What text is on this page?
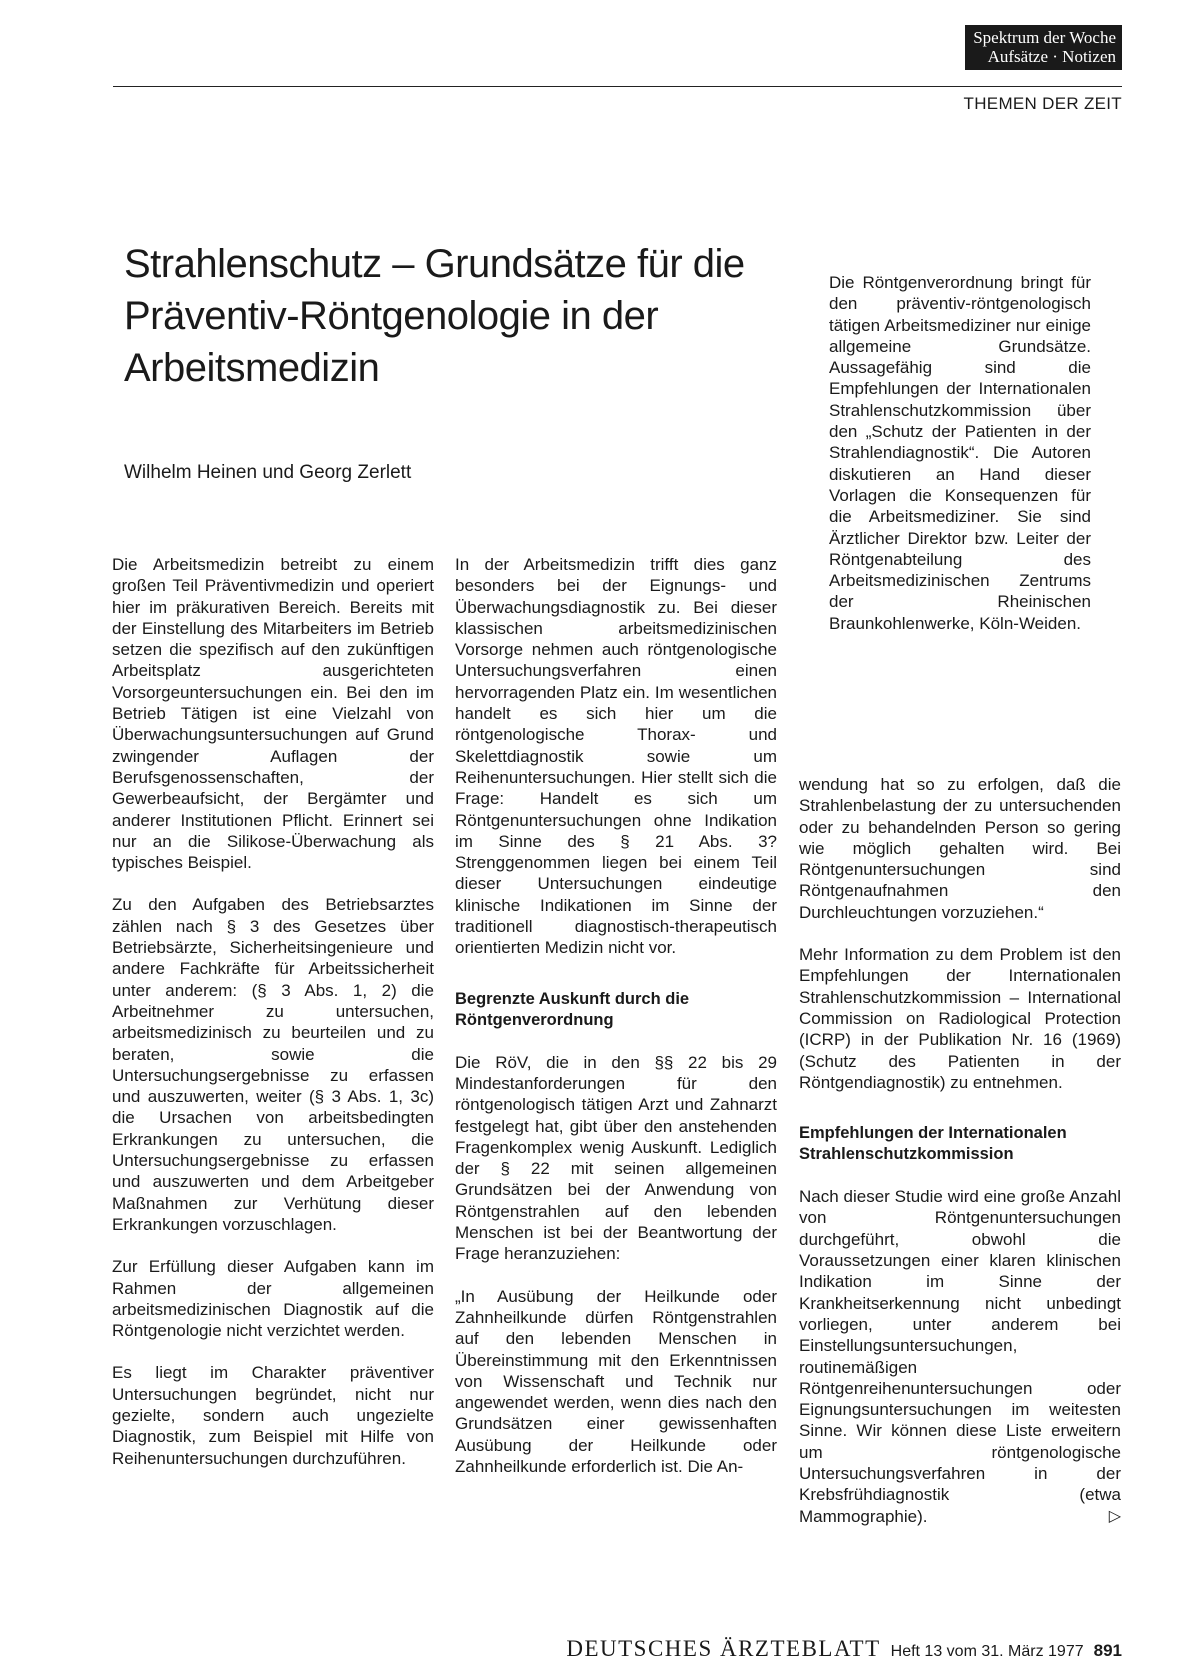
Spektrum der Woche
Aufsätze · Notizen
THEMEN DER ZEIT
Strahlenschutz – Grundsätze für die Präventiv-Röntgenologie in der Arbeitsmedizin
Wilhelm Heinen und Georg Zerlett
Die Röntgenverordnung bringt für den präventiv-röntgenologisch tätigen Arbeitsmediziner nur einige allgemeine Grundsätze. Aussagefähig sind die Empfehlungen der Internationalen Strahlenschutzkommission über den „Schutz der Patienten in der Strahlendiagnostik“. Die Autoren diskutieren an Hand dieser Vorlagen die Konsequenzen für die Arbeitsmediziner. Sie sind Ärztlicher Direktor bzw. Leiter der Röntgenabteilung des Arbeitsmedizinischen Zentrums der Rheinischen Braunkohlenwerke, Köln-Weiden.

Die Arbeitsmedizin betreibt zu einem großen Teil Präventivmedizin und operiert hier im präkurativen Bereich. Bereits mit der Einstellung des Mitarbeiters im Betrieb setzen die spezifisch auf den zukünftigen Arbeitsplatz ausgerichteten Vorsorgeuntersuchungen ein. Bei den im Betrieb Tätigen ist eine Vielzahl von Überwachungsuntersuchungen auf Grund zwingender Auflagen der Berufsgenossenschaften, der Gewerbeaufsicht, der Bergämter und anderer Institutionen Pflicht. Erinnert sei nur an die Silikose-Überwachung als typisches Beispiel.

Zu den Aufgaben des Betriebsarztes zählen nach § 3 des Gesetzes über Betriebsärzte, Sicherheitsingenieure und andere Fachkräfte für Arbeitssicherheit unter anderem: (§ 3 Abs. 1, 2) die Arbeitnehmer zu untersuchen, arbeitsmedizinisch zu beurteilen und zu beraten, sowie die Untersuchungsergebnisse zu erfassen und auszuwerten, weiter (§ 3 Abs. 1, 3c) die Ursachen von arbeitsbedingten Erkrankungen zu untersuchen, die Untersuchungsergebnisse zu erfassen und auszuwerten und dem Arbeitgeber Maßnahmen zur Verhütung dieser Erkrankungen vorzuschlagen.

Zur Erfüllung dieser Aufgaben kann im Rahmen der allgemeinen arbeitsmedizinischen Diagnostik auf die Röntgenologie nicht verzichtet werden.

Es liegt im Charakter präventiver Untersuchungen begründet, nicht nur gezielte, sondern auch ungezielte Diagnostik, zum Beispiel mit Hilfe von Reihenuntersuchungen durchzuführen.

In der Arbeitsmedizin trifft dies ganz besonders bei der Eignungs- und Überwachungsdiagnostik zu. Bei dieser klassischen arbeitsmedizinischen Vorsorge nehmen auch röntgenologische Untersuchungsverfahren einen hervorragenden Platz ein. Im wesentlichen handelt es sich hier um die röntgenologische Thorax- und Skelettdiagnostik sowie um Reihenuntersuchungen. Hier stellt sich die Frage: Handelt es sich um Röntgenuntersuchungen ohne Indikation im Sinne des § 21 Abs. 3? Strenggenommen liegen bei einem Teil dieser Untersuchungen eindeutige klinische Indikationen im Sinne der traditionell diagnostisch-therapeutisch orientierten Medizin nicht vor.

Begrenzte Auskunft durch die Röntgenverordnung

Die RöV, die in den §§ 22 bis 29 Mindestanforderungen für den röntgenologisch tätigen Arzt und Zahnarzt festgelegt hat, gibt über den anstehenden Fragenkomplex wenig Auskunft. Lediglich der § 22 mit seinen allgemeinen Grundsätzen bei der Anwendung von Röntgenstrahlen auf den lebenden Menschen ist bei der Beantwortung der Frage heranzuziehen:

„In Ausübung der Heilkunde oder Zahnheilkunde dürfen Röntgenstrahlen auf den lebenden Menschen in Übereinstimmung mit den Erkenntnissen von Wissenschaft und Technik nur angewendet werden, wenn dies nach den Grundsätzen einer gewissenhaften Ausübung der Heilkunde oder Zahnheilkunde erforderlich ist. Die An-

wendung hat so zu erfolgen, daß die Strahlenbelastung der zu untersuchenden oder zu behandelnden Person so gering wie möglich gehalten wird. Bei Röntgenuntersuchungen sind Röntgenaufnahmen den Durchleuchtungen vorzuziehen.“

Mehr Information zu dem Problem ist den Empfehlungen der Internationalen Strahlenschutzkommission – International Commission on Radiological Protection (ICRP) in der Publikation Nr. 16 (1969) (Schutz des Patienten in der Röntgendiagnostik) zu entnehmen.

Empfehlungen der Internationalen Strahlenschutzkommission

Nach dieser Studie wird eine große Anzahl von Röntgenuntersuchungen durchgeführt, obwohl die Voraussetzungen einer klaren klinischen Indikation im Sinne der Krankheitserkennung nicht unbedingt vorliegen, unter anderem bei Einstellungsuntersuchungen, routinemäßigen Röntgenreihenuntersuchungen oder Eignungsuntersuchungen im weitesten Sinne. Wir können diese Liste erweitern um röntgenologische Untersuchungsverfahren in der Krebsfrühdiagnostik (etwa Mammographie).	▷

DEUTSCHES ÄRZTEBLATT Heft 13 vom 31. März 1977 891
